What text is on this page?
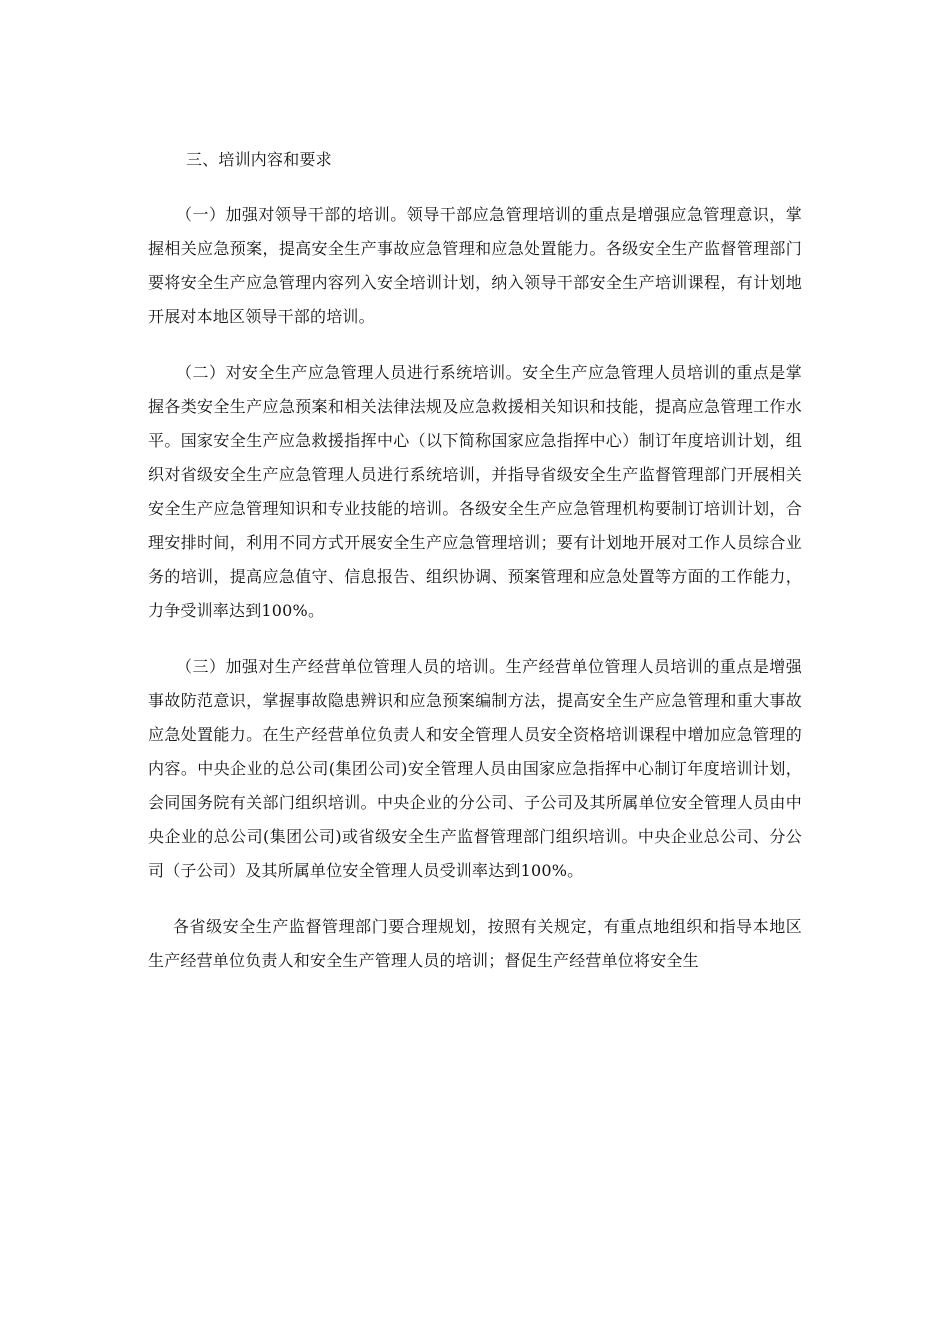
三、培训内容和要求

（一）加强对领导干部的培训。领导干部应急管理培训的重点是增强应急管理意识，掌握相关应急预案，提高安全生产事故应急管理和应急处置能力。各级安全生产监督管理部门要将安全生产应急管理内容列入安全培训计划，纳入领导干部安全生产培训课程，有计划地开展对本地区领导干部的培训。

（二）对安全生产应急管理人员进行系统培训。安全生产应急管理人员培训的重点是掌握各类安全生产应急预案和相关法律法规及应急救援相关知识和技能，提高应急管理工作水平。国家安全生产应急救援指挥中心（以下简称国家应急指挥中心）制订年度培训计划，组织对省级安全生产应急管理人员进行系统培训，并指导省级安全生产监督管理部门开展相关安全生产应急管理知识和专业技能的培训。各级安全生产应急管理机构要制订培训计划，合理安排时间，利用不同方式开展安全生产应急管理培训；要有计划地开展对工作人员综合业务的培训，提高应急值守、信息报告、组织协调、预案管理和应急处置等方面的工作能力，力争受训率达到100%。

（三）加强对生产经营单位管理人员的培训。生产经营单位管理人员培训的重点是增强事故防范意识，掌握事故隐患辨识和应急预案编制方法，提高安全生产应急管理和重大事故应急处置能力。在生产经营单位负责人和安全管理人员安全资格培训课程中增加应急管理的内容。中央企业的总公司(集团公司)安全管理人员由国家应急指挥中心制订年度培训计划，会同国务院有关部门组织培训。中央企业的分公司、子公司及其所属单位安全管理人员由中央企业的总公司(集团公司)或省级安全生产监督管理部门组织培训。中央企业总公司、分公司（子公司）及其所属单位安全管理人员受训率达到100%。

各省级安全生产监督管理部门要合理规划，按照有关规定，有重点地组织和指导本地区生产经营单位负责人和安全生产管理人员的培训；督促生产经营单位将安全生
